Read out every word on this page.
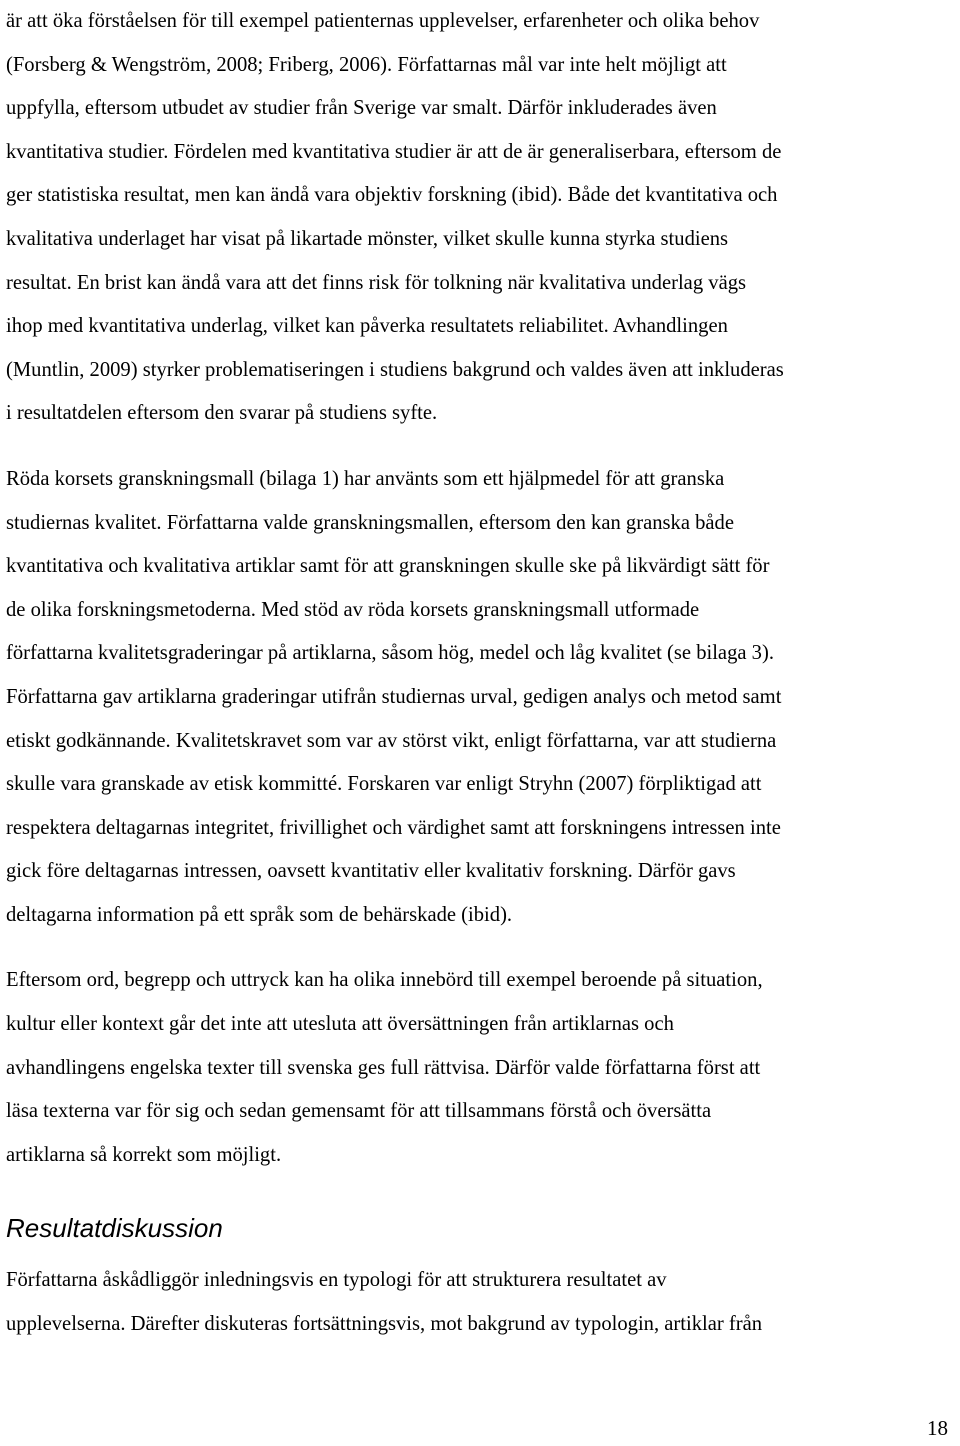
är att öka förståelsen för till exempel patienternas upplevelser, erfarenheter och olika behov
(Forsberg & Wengström, 2008; Friberg, 2006). Författarnas mål var inte helt möjligt att
uppfylla, eftersom utbudet av studier från Sverige var smalt. Därför inkluderades även
kvantitativa studier. Fördelen med kvantitativa studier är att de är generaliserbara, eftersom de
ger statistiska resultat, men kan ändå vara objektiv forskning (ibid). Både det kvantitativa och
kvalitativa underlaget har visat på likartade mönster, vilket skulle kunna styrka studiens
resultat. En brist kan ändå vara att det finns risk för tolkning när kvalitativa underlag vägs
ihop med kvantitativa underlag, vilket kan påverka resultatets reliabilitet. Avhandlingen
(Muntlin, 2009) styrker problematiseringen i studiens bakgrund och valdes även att inkluderas
i resultatdelen eftersom den svarar på studiens syfte.

Röda korsets granskningsmall (bilaga 1) har använts som ett hjälpmedel för att granska
studiernas kvalitet. Författarna valde granskningsmallen, eftersom den kan granska både
kvantitativa och kvalitativa artiklar samt för att granskningen skulle ske på likvärdigt sätt för
de olika forskningsmetoderna. Med stöd av röda korsets granskningsmall utformade
författarna kvalitetsgraderingar på artiklarna, såsom hög, medel och låg kvalitet (se bilaga 3).
Författarna gav artiklarna graderingar utifrån studiernas urval, gedigen analys och metod samt
etiskt godkännande. Kvalitetskravet som var av störst vikt, enligt författarna, var att studierna
skulle vara granskade av etisk kommitté. Forskaren var enligt Stryhn (2007) förpliktigad att
respektera deltagarnas integritet, frivillighet och värdighet samt att forskningens intressen inte
gick före deltagarnas intressen, oavsett kvantitativ eller kvalitativ forskning. Därför gavs
deltagarna information på ett språk som de behärskade (ibid).

Eftersom ord, begrepp och uttryck kan ha olika innebörd till exempel beroende på situation,
kultur eller kontext går det inte att utesluta att översättningen från artiklarnas och
avhandlingens engelska texter till svenska ges full rättvisa. Därför valde författarna först att
läsa texterna var för sig och sedan gemensamt för att tillsammans förstå och översätta
artiklarna så korrekt som möjligt.

Resultatdiskussion

Författarna åskådliggör inledningsvis en typologi för att strukturera resultatet av
upplevelserna. Därefter diskuteras fortsättningsvis, mot bakgrund av typologin, artiklar från

18
